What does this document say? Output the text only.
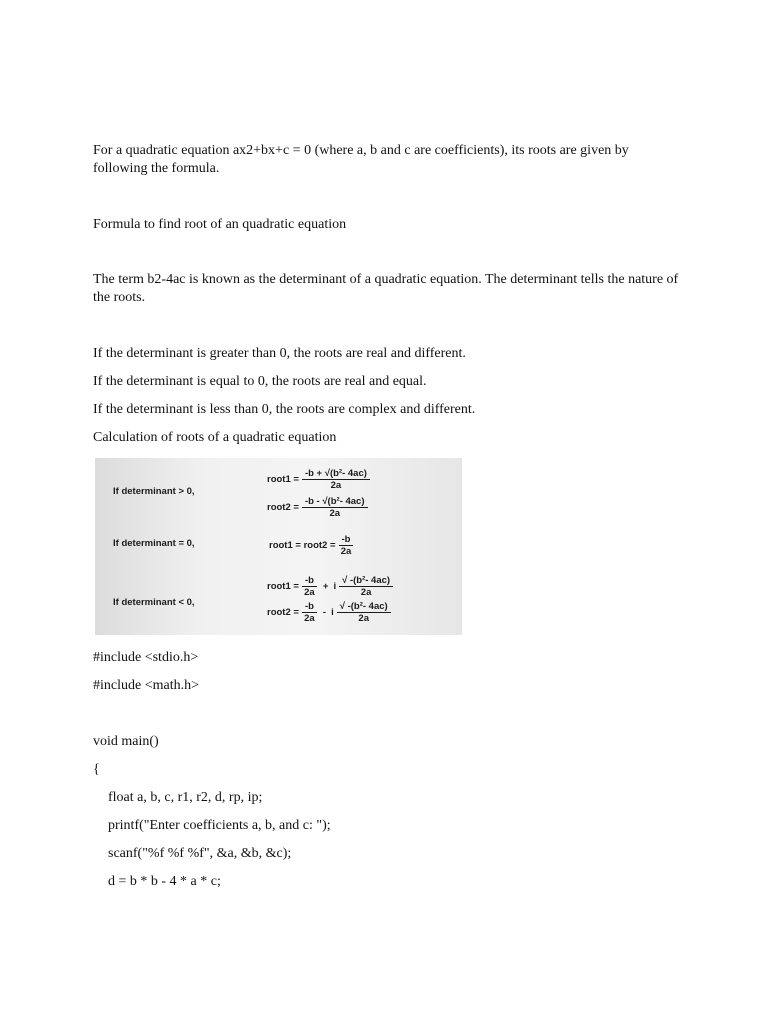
For a quadratic equation ax2+bx+c = 0 (where a, b and c are coefficients), its roots are given by following the formula.
Formula to find root of an quadratic equation
The term b2-4ac is known as the determinant of a quadratic equation. The determinant tells the nature of the roots.
If the determinant is greater than 0, the roots are real and different.
If the determinant is equal to 0, the roots are real and equal.
If the determinant is less than 0, the roots are complex and different.
Calculation of roots of a quadratic equation
If determinant > 0,
root1 = $\frac{\text{-b + √(b²- 4ac)}}{2a}$
root2 = $\frac{\text{-b - √(b²- 4ac)}}{2a}$
If determinant = 0,	root1 = root2 = $\frac{-b}{2a}$
If determinant < 0,
root1 = $\frac{-b}{2a} + i \frac{\text{√ -(b²- 4ac)}}{2a}$
root2 = $\frac{-b}{2a}$ - i $\frac{\text{√ -(b²- 4ac)}}{2a}$
#include <stdio.h>
#include <math.h>
void main()
{
float a, b, c, r1, r2, d, rp, ip;
printf("Enter coefficients a, b, and c: ");
scanf("%f %f %f", &a, &b, &c);
d = b * b - 4 * a * c;
